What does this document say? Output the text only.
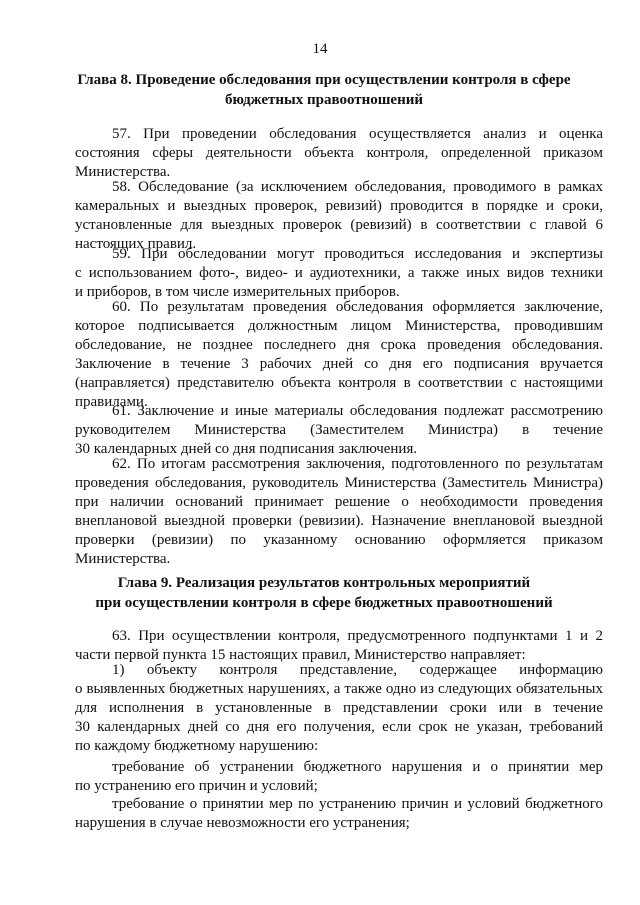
14
Глава 8. Проведение обследования при осуществлении контроля в сфере
бюджетных правоотношений
57. При проведении обследования осуществляется анализ и оценка
состояния сферы деятельности объекта контроля, определенной приказом
Министерства.
58. Обследование (за исключением обследования, проводимого в рамках
камеральных и выездных проверок, ревизий) проводится в порядке и сроки,
установленные для выездных проверок (ревизий) в соответствии с главой 6
настоящих правил.
59. При обследовании могут проводиться исследования и экспертизы
с использованием фото-, видео- и аудиотехники, а также иных видов техники
и приборов, в том числе измерительных приборов.
60. По результатам проведения обследования оформляется заключение,
которое подписывается должностным лицом Министерства, проводившим
обследование, не позднее последнего дня срока проведения обследования.
Заключение в течение 3 рабочих дней со дня его подписания вручается
(направляется) представителю объекта контроля в соответствии с настоящими
правилами.
61. Заключение и иные материалы обследования подлежат рассмотрению
руководителем Министерства (Заместителем Министра) в течение
30 календарных дней со дня подписания заключения.
62. По итогам рассмотрения заключения, подготовленного по результатам
проведения обследования, руководитель Министерства (Заместитель Министра)
при наличии оснований принимает решение о необходимости проведения
внеплановой выездной проверки (ревизии). Назначение внеплановой выездной
проверки (ревизии) по указанному основанию оформляется приказом
Министерства.
Глава 9. Реализация результатов контрольных мероприятий
при осуществлении контроля в сфере бюджетных правоотношений
63. При осуществлении контроля, предусмотренного подпунктами 1 и 2
части первой пункта 15 настоящих правил, Министерство направляет:
1) объекту контроля представление, содержащее информацию
о выявленных бюджетных нарушениях, а также одно из следующих обязательных
для исполнения в установленные в представлении сроки или в течение
30 календарных дней со дня его получения, если срок не указан, требований
по каждому бюджетному нарушению:
требование об устранении бюджетного нарушения и о принятии мер
по устранению его причин и условий;
требование о принятии мер по устранению причин и условий бюджетного
нарушения в случае невозможности его устранения;
